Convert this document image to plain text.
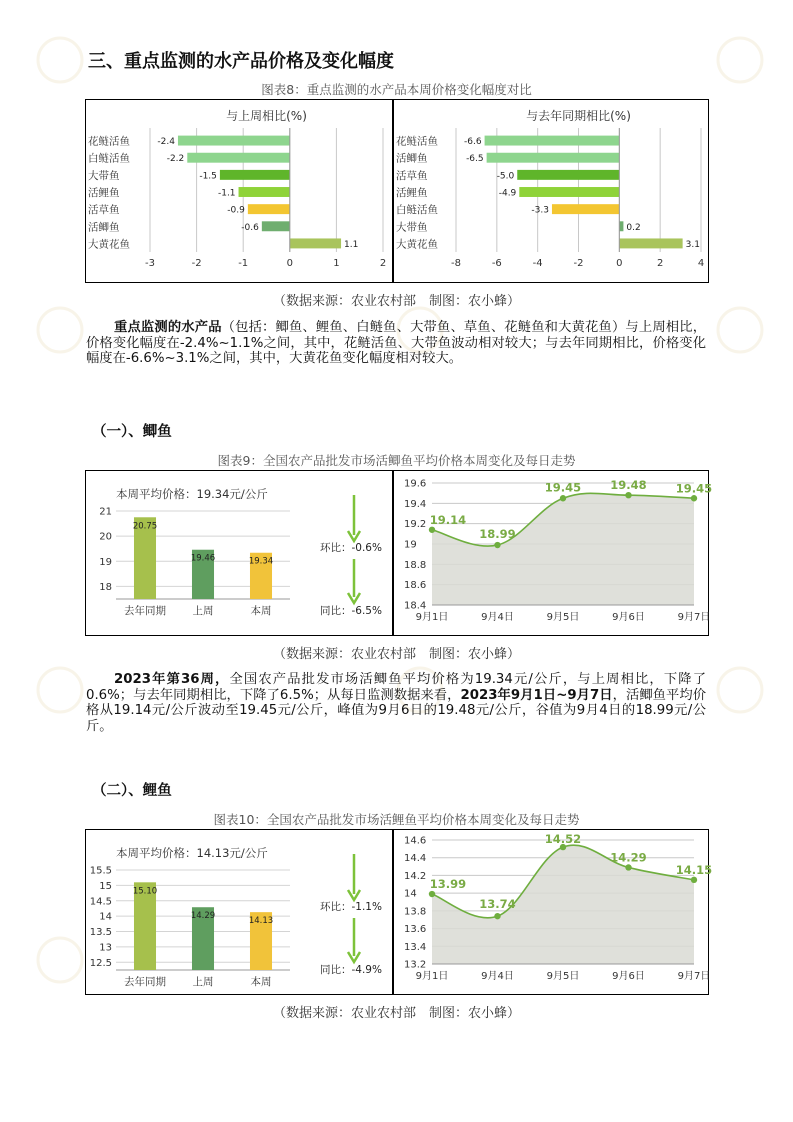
三、重点监测的水产品价格及变化幅度
图表8：重点监测的水产品本周价格变化幅度对比
与上周相比(%)
-3	-2	-1	0	1	2
花鲢活鱼	-2.4
白鲢活鱼	-2.2
大带鱼	-1.5
活鲤鱼	-1.1
活草鱼	-0.9
活鲫鱼	-0.6
大黄花鱼	1.1
与去年同期相比(%)
-8	-6	-4	-2	0	2	4
花鲢活鱼	-6.6
活鲫鱼	-6.5
活草鱼	-5.0
活鲤鱼	-4.9
白鲢活鱼	-3.3
大带鱼	0.2
大黄花鱼	3.1
（数据来源：农业农村部　制图：农小蜂）
重点监测的水产品（包括：鲫鱼、鲤鱼、白鲢鱼、大带鱼、草鱼、花鲢鱼和大黄花鱼）与上周相比，价格变化幅度在-2.4%~1.1%之间，其中，花鲢活鱼、大带鱼波动相对较大；与去年同期相比，价格变化幅度在-6.6%~3.1%之间，其中，大黄花鱼变化幅度相对较大。
（一）、鲫鱼
图表9：全国农产品批发市场活鲫鱼平均价格本周变化及每日走势
本周平均价格：19.34元/公斤
21
20
19
18
20.75
去年同期
19.46
上周
19.34
本周
环比：-0.6%
同比：-6.5%
19.6
19.4
19.2
19
18.8
18.6
18.4
19.14
9月1日
18.99
9月4日
19.45
9月5日
19.48
9月6日
19.45
9月7日
（数据来源：农业农村部　制图：农小蜂）
2023年第36周，全国农产品批发市场活鲫鱼平均价格为19.34元/公斤，与上周相比，下降了0.6%；与去年同期相比，下降了6.5%；从每日监测数据来看，2023年9月1日~9月7日，活鲫鱼平均价格从19.14元/公斤波动至19.45元/公斤，峰值为9月6日的19.48元/公斤，谷值为9月4日的18.99元/公斤。
（二）、鲤鱼
图表10：全国农产品批发市场活鲤鱼平均价格本周变化及每日走势
本周平均价格：14.13元/公斤
15.5
15
14.5
14
13.5
13
12.5
15.10
去年同期
14.29
上周
14.13
本周
环比：-1.1%
同比：-4.9%
14.6
14.4
14.2
14
13.8
13.6
13.4
13.2
13.99
9月1日
13.74
9月4日
14.52
9月5日
14.29
9月6日
14.15
9月7日
（数据来源：农业农村部　制图：农小蜂）
